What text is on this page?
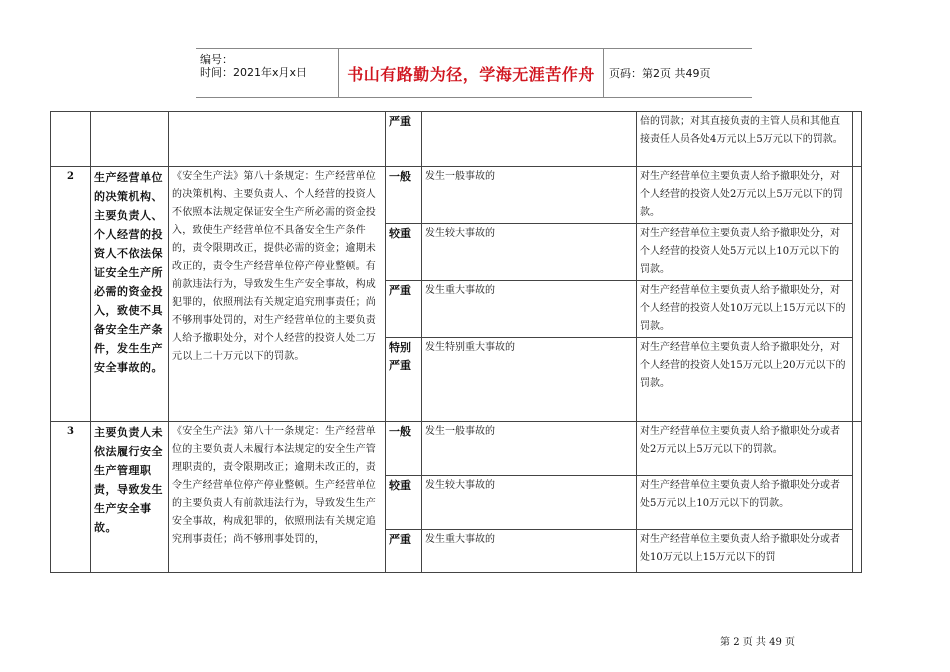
编号：
时间：2021年x月x日	书山有路勤为径，学海无涯苦作舟 页码：第2页 共49页
			严重		倍的罚款；对其直接负责的主管人员和其他直接责任人员各处4万元以上5万元以下的罚款。	
2	生产经营单位的决策机构、主要负责人、个人经营的投资人不依法保证安全生产所必需的资金投入，致使不具备安全生产条件，发生生产安全事故的。	《安全生产法》第八十条规定：生产经营单位的决策机构、主要负责人、个人经营的投资人不依照本法规定保证安全生产所必需的资金投入，致使生产经营单位不具备安全生产条件的，责令限期改正，提供必需的资金；逾期未改正的，责令生产经营单位停产停业整顿。有前款违法行为，导致发生生产安全事故，构成犯罪的，依照刑法有关规定追究刑事责任；尚不够刑事处罚的，对生产经营单位的主要负责人给予撤职处分，对个人经营的投资人处二万元以上二十万元以下的罚款。	一般	发生一般事故的	对生产经营单位主要负责人给予撤职处分，对个人经营的投资人处2万元以上5万元以下的罚款。	
			较重	发生较大事故的	对生产经营单位主要负责人给予撤职处分，对个人经营的投资人处5万元以上10万元以下的罚款。	
			严重	发生重大事故的	对生产经营单位主要负责人给予撤职处分，对个人经营的投资人处10万元以上15万元以下的罚款。	
			特别严重	发生特别重大事故的	对生产经营单位主要负责人给予撤职处分，对个人经营的投资人处15万元以上20万元以下的罚款。	
3	主要负责人未依法履行安全生产管理职责，导致发生生产安全事故。	《安全生产法》第八十一条规定：生产经营单位的主要负责人未履行本法规定的安全生产管理职责的，责令限期改正；逾期未改正的，责令生产经营单位停产停业整顿。生产经营单位的主要负责人有前款违法行为，导致发生生产安全事故，构成犯罪的，依照刑法有关规定追究刑事责任；尚不够刑事处罚的，	一般	发生一般事故的	对生产经营单位主要负责人给予撤职处分或者处2万元以上5万元以下的罚款。	
			较重	发生较大事故的	对生产经营单位主要负责人给予撤职处分或者处5万元以上10万元以下的罚款。	
			严重	发生重大事故的	对生产经营单位主要负责人给予撤职处分或者处10万元以上15万元以下的罚	
第 2 页 共 49 页
